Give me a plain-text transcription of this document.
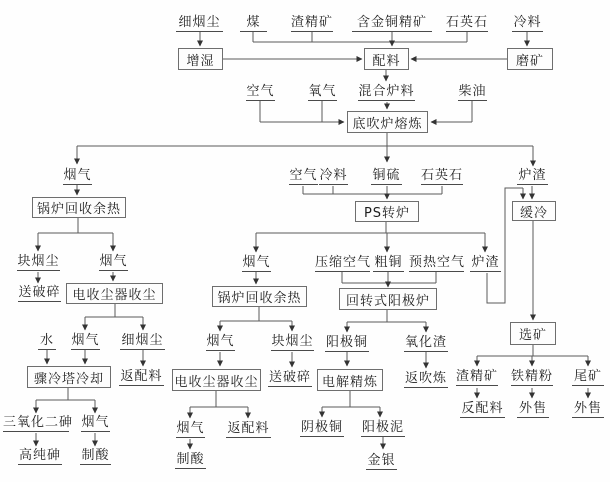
增湿	配料	磨矿
底吹炉熔炼
PS转炉
锅炉回收余热
电收尘器收尘
骤冷塔冷却
锅炉回收余热
电收尘器收尘	电解精炼
回转式阳极炉
缓冷
选矿
细烟尘	煤	渣精矿	含金铜精矿	石英石 冷料
空气	氧气 混合炉料	柴油
烟气	空气 冷料 铜硫 石英石	炉渣
块烟尘	烟气	烟气	压缩空气 粗铜 预热空气 炉渣
送破碎
水 烟气 细烟尘	烟气	块烟尘 阳极铜	氧化渣
返配料	送破碎	返吹炼 渣精矿 铁精粉 尾矿
反配料 外售 外售
三氧化二砷 烟气	烟气 返配料 阴极铜 阳极泥
高纯砷 制酸	制酸	金银
